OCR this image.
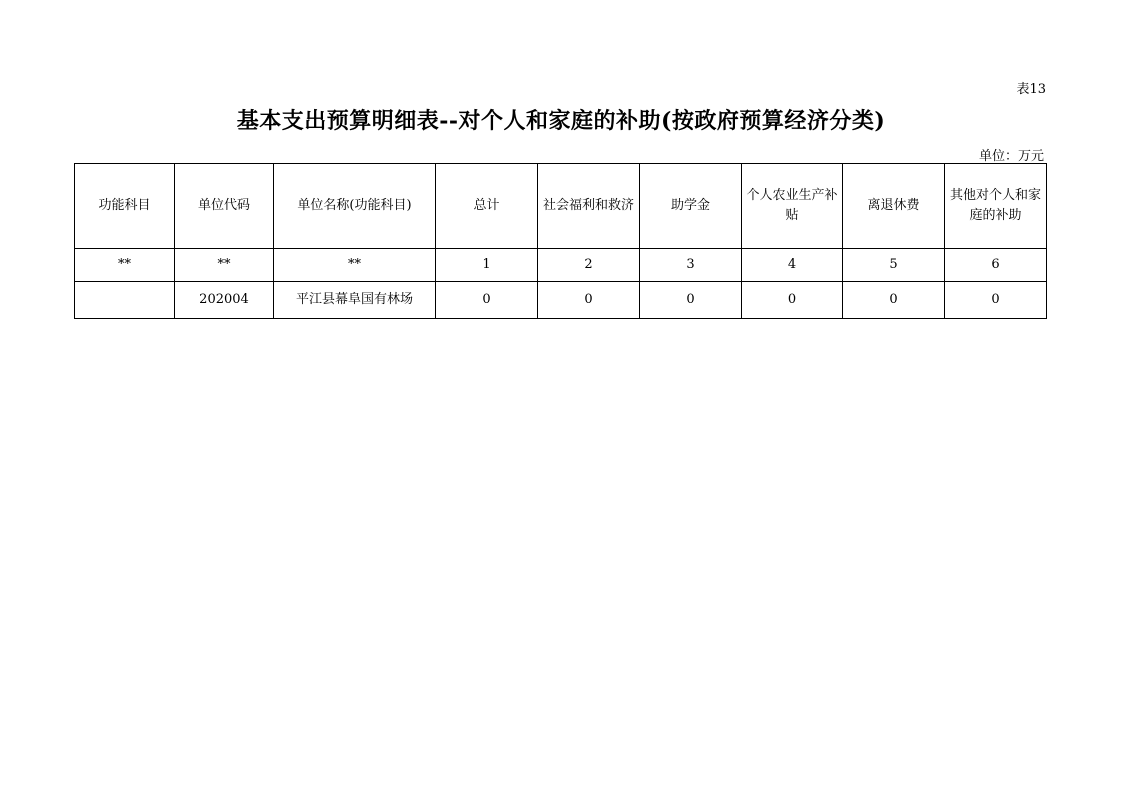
表13
基本支出预算明细表--对个人和家庭的补助(按政府预算经济分类)
单位：万元
功能科目	单位代码	单位名称(功能科目)	总计	社会福利和救济	助学金	个人农业生产补贴	离退休费	其他对个人和家庭的补助
**	**	**	1	2	3	4	5	6
	202004	平江县幕阜国有林场	0	0	0	0	0	0
